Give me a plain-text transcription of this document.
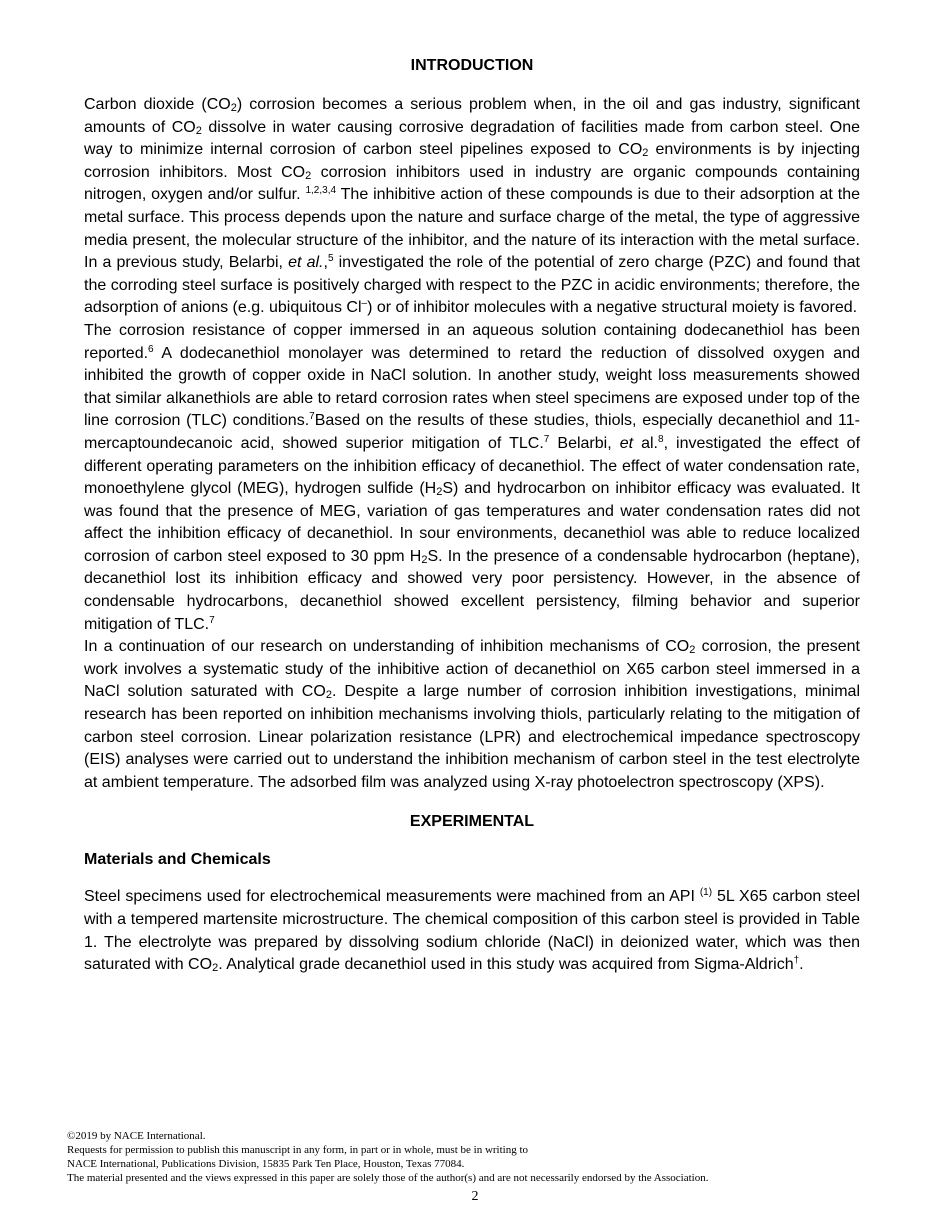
INTRODUCTION

Carbon dioxide $(CO_2)$ corrosion becomes a serious problem when, in the oil and gas industry, significant amounts of $CO_2$ dissolve in water causing corrosive degradation of facilities made from carbon steel. One way to minimize internal corrosion of carbon steel pipelines exposed to $CO_2$ environments is by injecting corrosion inhibitors. Most $CO_2$ corrosion inhibitors used in industry are organic compounds containing nitrogen, oxygen and/or sulfur. $^{1,2,3,4}$ The inhibitive action of these compounds is due to their adsorption at the metal surface. This process depends upon the nature and surface charge of the metal, the type of aggressive media present, the molecular structure of the inhibitor, and the nature of its interaction with the metal surface. In a previous study, Belarbi, et al.,$^5$ investigated the role of the potential of zero charge (PZC) and found that the corroding steel surface is positively charged with respect to the PZC in acidic environments; therefore, the adsorption of anions (e.g. ubiquitous Cl–) or of inhibitor molecules with a negative structural moiety is favored.

The corrosion resistance of copper immersed in an aqueous solution containing dodecanethiol has been reported.$^6$ A dodecanethiol monolayer was determined to retard the reduction of dissolved oxygen and inhibited the growth of copper oxide in NaCl solution. In another study, weight loss measurements showed that similar alkanethiols are able to retard corrosion rates when steel specimens are exposed under top of the line corrosion (TLC) conditions.$^7$Based on the results of these studies, thiols, especially decanethiol and 11-mercaptoundecanoic acid, showed superior mitigation of TLC.$^7$ Belarbi, et al.$^8$, investigated the effect of different operating parameters on the inhibition efficacy of decanethiol. The effect of water condensation rate, monoethylene glycol (MEG), hydrogen sulfide $(H_2S)$ and hydrocarbon on inhibitor efficacy was evaluated. It was found that the presence of MEG, variation of gas temperatures and water condensation rates did not affect the inhibition efficacy of decanethiol. In sour environments, decanethiol was able to reduce localized corrosion of carbon steel exposed to 30 ppm $H_2S$. In the presence of a condensable hydrocarbon (heptane), decanethiol lost its inhibition efficacy and showed very poor persistency. However, in the absence of condensable hydrocarbons, decanethiol showed excellent persistency, filming behavior and superior mitigation of TLC.$^7$

In a continuation of our research on understanding of inhibition mechanisms of $CO_2$ corrosion, the present work involves a systematic study of the inhibitive action of decanethiol on X65 carbon steel immersed in a NaCl solution saturated with $CO_2$. Despite a large number of corrosion inhibition investigations, minimal research has been reported on inhibition mechanisms involving thiols, particularly relating to the mitigation of carbon steel corrosion. Linear polarization resistance (LPR) and electrochemical impedance spectroscopy (EIS) analyses were carried out to understand the inhibition mechanism of carbon steel in the test electrolyte at ambient temperature. The adsorbed film was analyzed using X-ray photoelectron spectroscopy (XPS).

EXPERIMENTAL
Materials and Chemicals

Steel specimens used for electrochemical measurements were machined from an API $^{(1)}$ 5L X65 carbon steel with a tempered martensite microstructure. The chemical composition of this carbon steel is provided in Table 1. The electrolyte was prepared by dissolving sodium chloride (NaCl) in deionized water, which was then saturated with $CO_2$. Analytical grade decanethiol used in this study was acquired from Sigma-Aldrich†.

©2019 by NACE International.
Requests for permission to publish this manuscript in any form, in part or in whole, must be in writing to
NACE International, Publications Division, 15835 Park Ten Place, Houston, Texas 77084.
The material presented and the views expressed in this paper are solely those of the author(s) and are not necessarily endorsed by the Association.
2
